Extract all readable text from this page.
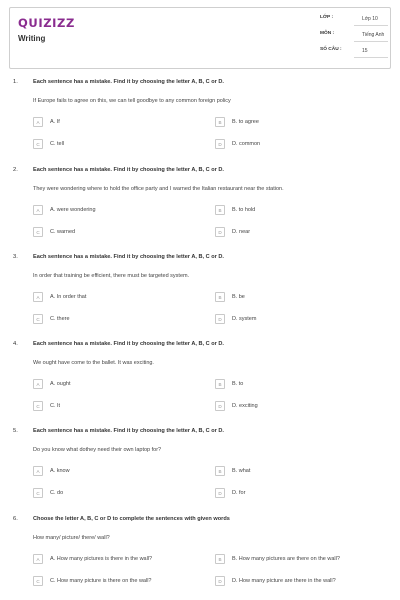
QUIZIZZ
Writing
LỚP :	Lớp 10
MÔN :	Tiếng Anh
SỐ CÂU :	15
1.	Each sentence has a mistake. Find it by choosing the letter A, B, C or D.
If Europe fails to agree on this, we can tell goodbye to any common foreign policy
A	A. If	B	B. to agree
C	C. tell	D	D. common
2.	Each sentence has a mistake. Find it by choosing the letter A, B, C or D.
They were wondering where to hold the office party and I warned the Italian restaurant near the station.
A	A. were wondering	B	B. to hold
C	C. warned	D	D. near
3.	Each sentence has a mistake. Find it by choosing the letter A, B, C or D.
In order that training be efficient, there must be targeted system.
A	A. In order that	B	B. be
C	C. there	D	D. system
4.	Each sentence has a mistake. Find it by choosing the letter A, B, C or D.
We ought have come to the ballet. It was exciting.
A	A. ought	B	B. to
C	C. It	D	D. exciting
5.	Each sentence has a mistake. Find it by choosing the letter A, B, C or D.
Do you know what dothey need their own laptop for?
A	A. know	B	B. what
C	C. do	D	D. for
6.	Choose the letter A, B, C or D to complete the sentences with given words
How many/ picture/ there/ wall?
A	A. How many pictures is there in the wall?	B	B. How many pictures are there on the wall?
C	C. How many picture is there on the wall?	D	D. How many picture are there in the wall?
